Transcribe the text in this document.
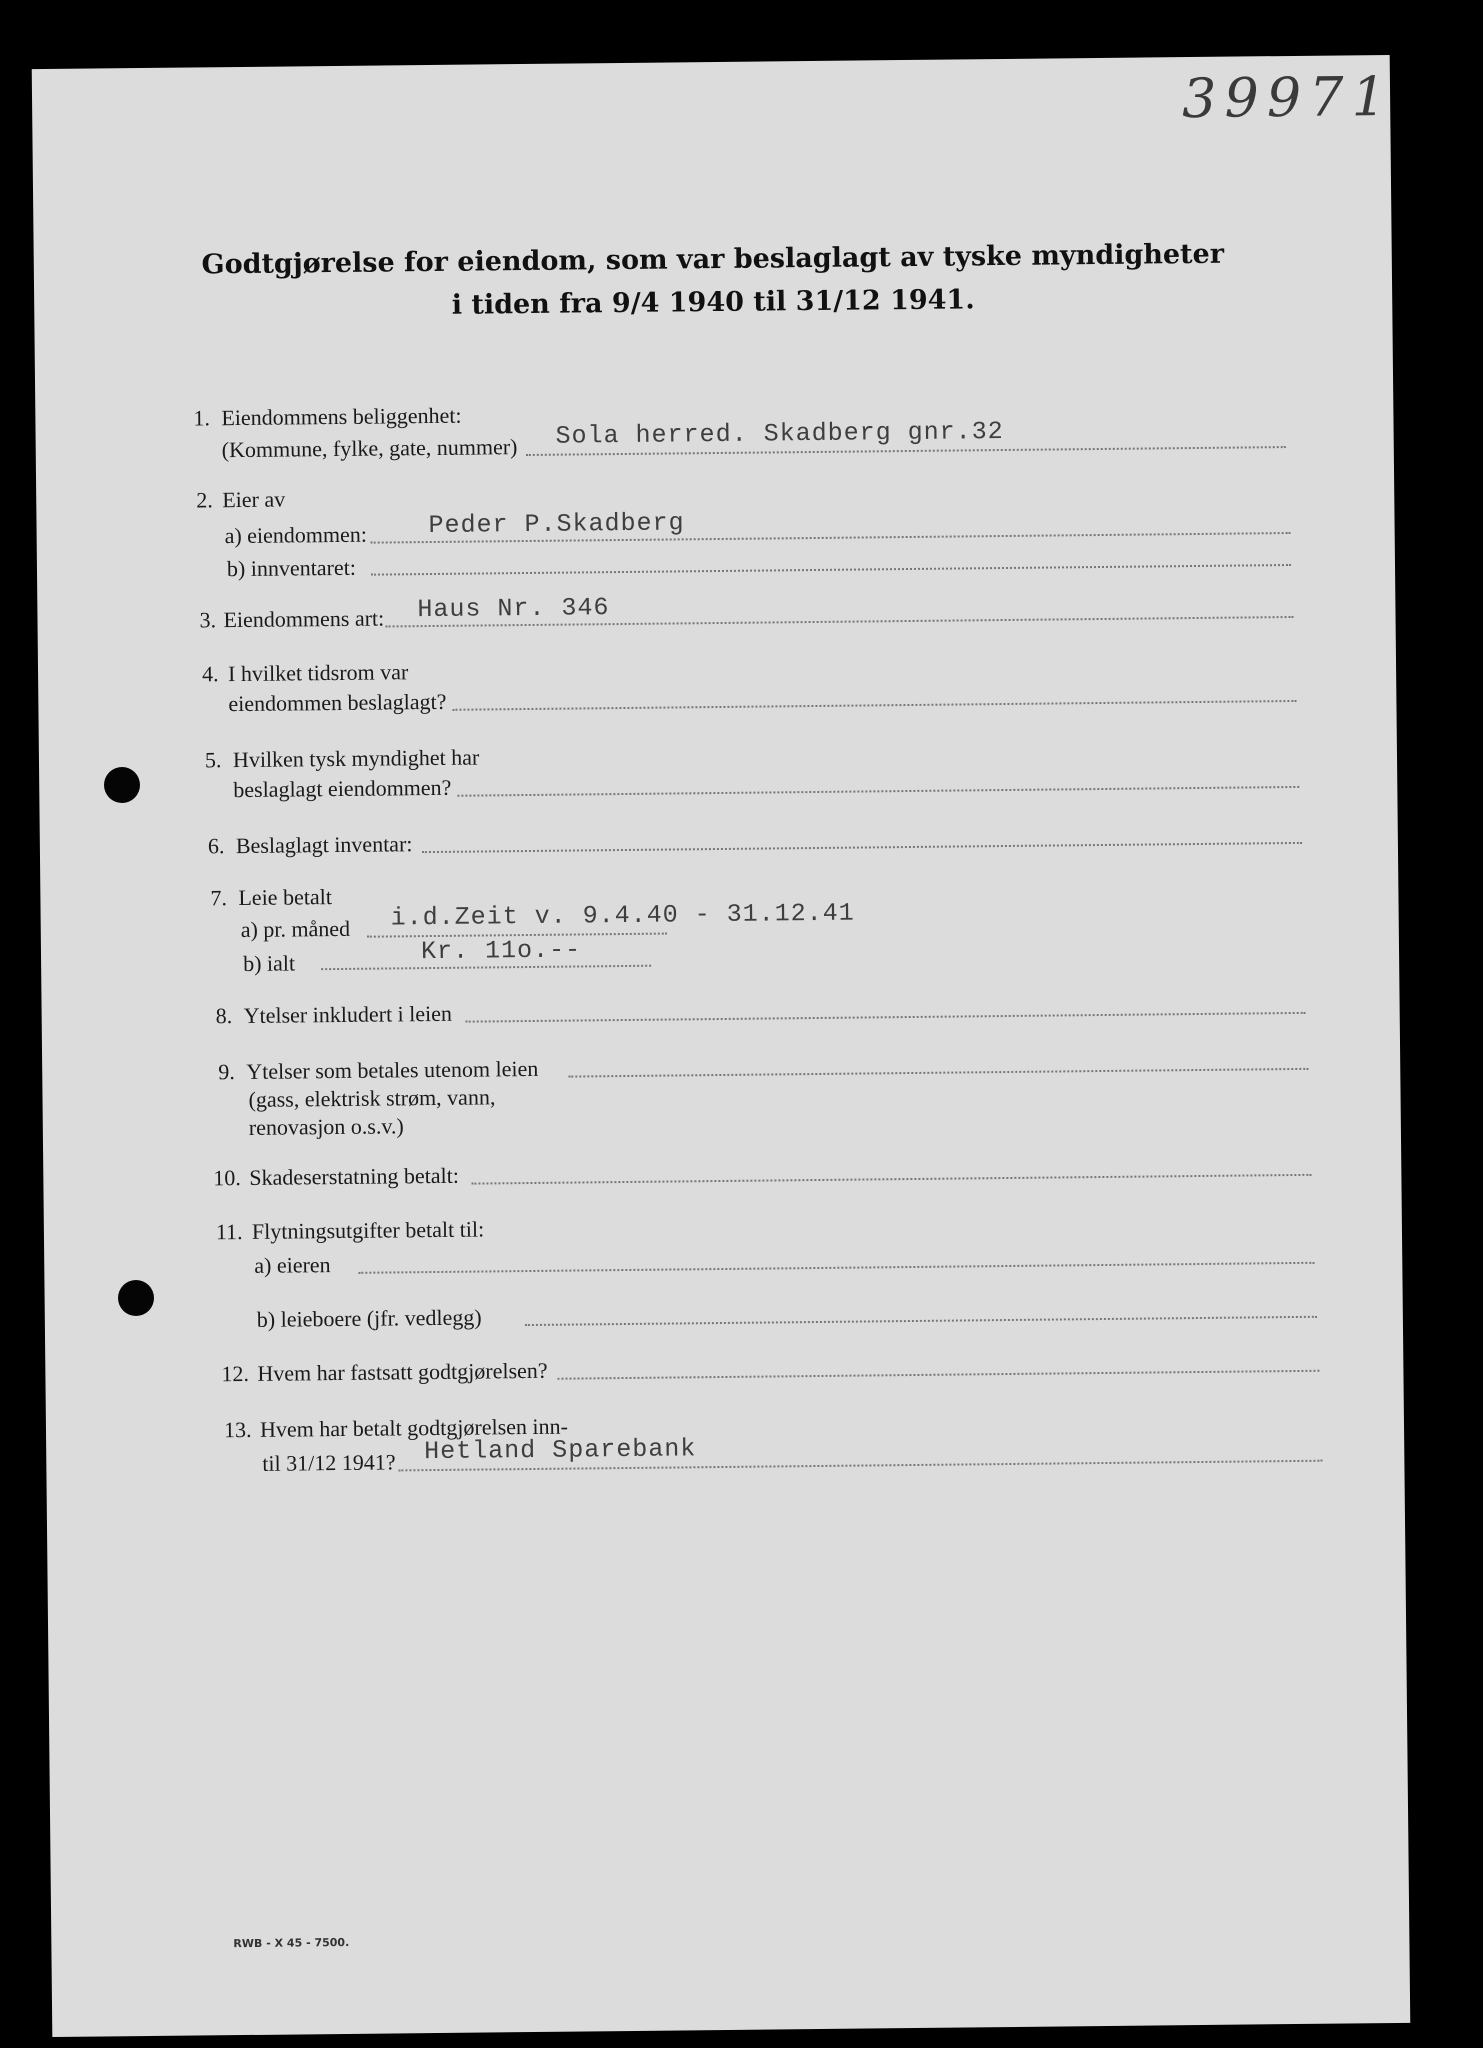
39971
Godtgjørelse for eiendom, som var beslaglagt av tyske myndigheter
i tiden fra 9/4 1940 til 31/12 1941.
1. Eiendommens beliggenhet:
(Kommune, fylke, gate, nummer) Sola herred. Skadberg gnr.32
2. Eier av
a) eiendommen: Peder P.Skadberg
b) innventaret:
3. Eiendommens art: Haus Nr. 346
4. I hvilket tidsrom var
eiendommen beslaglagt?
5. Hvilken tysk myndighet har
beslaglagt eiendommen?
6. Beslaglagt inventar:
7. Leie betalt
a) pr. måned i.d.Zeit v. 9.4.40 - 31.12.41
b) ialt	Kr. 11o.--
8. Ytelser inkludert i leien
9. Ytelser som betales utenom leien
(gass, elektrisk strøm, vann,
renovasjon o.s.v.)
10. Skadeserstatning betalt:
11. Flytningsutgifter betalt til:
a) eieren
b) leieboere (jfr. vedlegg)
12. Hvem har fastsatt godtgjørelsen?
13. Hvem har betalt godtgjørelsen inn-
til 31/12 1941? Hetland Sparebank
RWB - X 45 - 7500.
